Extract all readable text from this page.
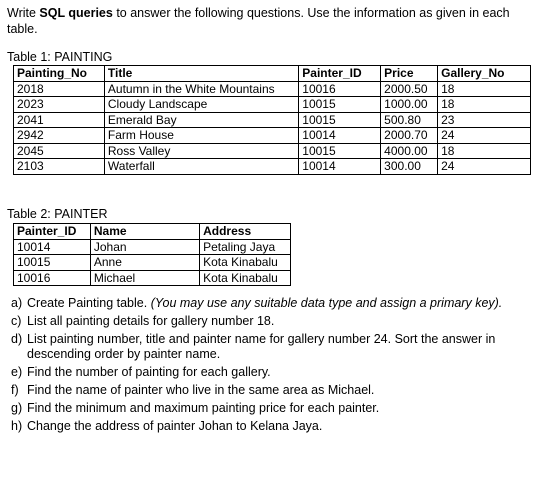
Write SQL queries to answer the following questions. Use the information as given in each table.
Table 1: PAINTING
Painting_No	Title	Painter_ID	Price	Gallery_No
2018	Autumn in the White Mountains	10016	2000.50	18
2023	Cloudy Landscape	10015	1000.00	18
2041	Emerald Bay	10015	500.80	23
2942	Farm House	10014	2000.70	24
2045	Ross Valley	10015	4000.00	18
2103	Waterfall	10014	300.00	24
Table 2: PAINTER
Painter_ID	Name	Address
10014	Johan	Petaling Jaya
10015	Anne	Kota Kinabalu
10016	Michael	Kota Kinabalu
a) Create Painting table. (You may use any suitable data type and assign a primary key).
c) List all painting details for gallery number 18.
d) List painting number, title and painter name for gallery number 24. Sort the answer in descending order by painter name.
e) Find the number of painting for each gallery.
f) Find the name of painter who live in the same area as Michael.
g) Find the minimum and maximum painting price for each painter.
h) Change the address of painter Johan to Kelana Jaya.
